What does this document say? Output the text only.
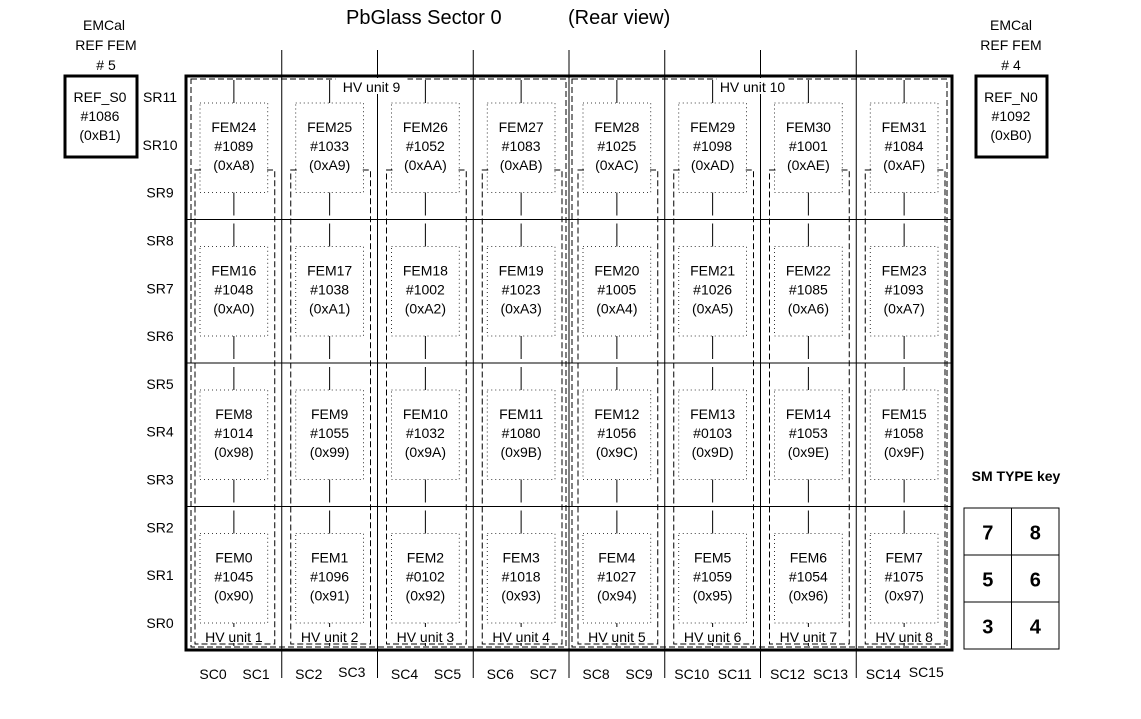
PbGlass Sector 0	(Rear view)
EMCal
REF FEM
# 5
REF_S0
#1086
(0xB1)
EMCal
REF FEM
# 4
REF_N0
#1092
(0xB0)
FEM24
#1089
(0xA8)
FEM25
#1033
(0xA9)
FEM26
#1052
(0xAA)
FEM27
#1083
(0xAB)
FEM28
#1025
(0xAC)
FEM29
#1098
(0xAD)
FEM30
#1001
(0xAE)
FEM31
#1084
(0xAF)
FEM16
#1048
(0xA0)
FEM17
#1038
(0xA1)
FEM18
#1002
(0xA2)
FEM19
#1023
(0xA3)
FEM20
#1005
(0xA4)
FEM21
#1026
(0xA5)
FEM22
#1085
(0xA6)
FEM23
#1093
(0xA7)
FEM8
#1014
(0x98)
FEM9
#1055
(0x99)
FEM10
#1032
(0x9A)
FEM11
#1080
(0x9B)
FEM12
#1056
(0x9C)
FEM13
#0103
(0x9D)
FEM14
#1053
(0x9E)
FEM15
#1058
(0x9F)
FEM0
#1045
(0x90)
FEM1
#1096
(0x91)
FEM2
#0102
(0x92)
FEM3
#1018
(0x93)
FEM4
#1027
(0x94)
FEM5
#1059
(0x95)
FEM6
#1054
(0x96)
FEM7
#1075
(0x97)
SR0
SR1
SR2
SR3
SR4
SR5
SR6
SR7
SR8
SR9
SR10
SR11
SC0 SC1 SC2 SC3 SC4 SC5 SC6 SC7 SC8 SC9 SC10 SC11 SC12 SC13 SC14 SC15
HV unit 1	HV unit 2	HV unit 3	HV unit 4	HV unit 5	HV unit 6	HV unit 7	HV unit 8
HV unit 9	HV unit 10
SM TYPE key
7 8
5 6
3 4
